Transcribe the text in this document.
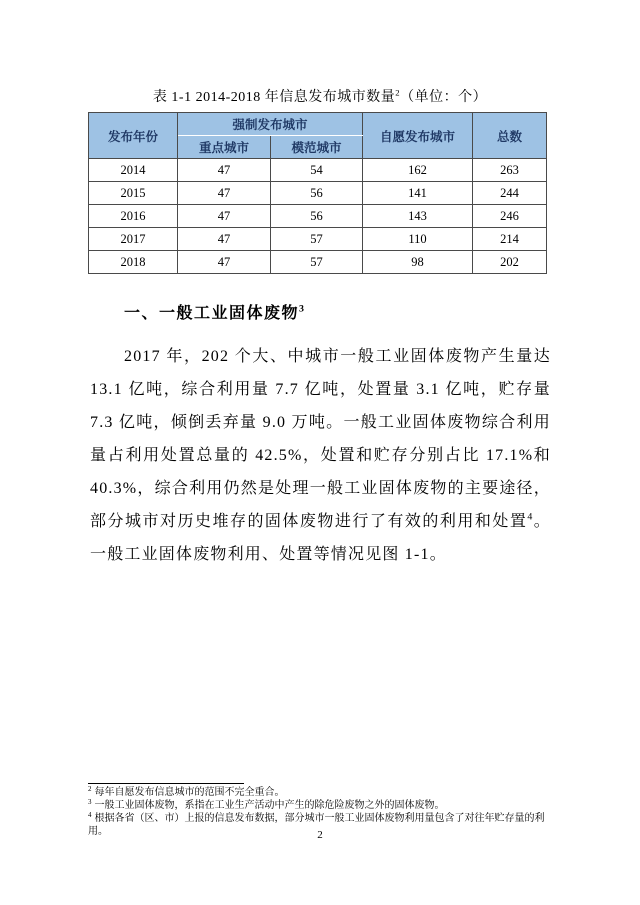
表 1-1 2014-2018 年信息发布城市数量$^2$（单位：个）
发布年份	强制发布城市		自愿发布城市	总数
	重点城市	模范城市		
2014	47	54	162	263
2015	47	56	141	244
2016	47	56	143	246
2017	47	57	110	214
2018	47	57	98	202
一、一般工业固体废物$^3$

2017 年，202 个大、中城市一般工业固体废物产生量达 13.1 亿吨，综合利用量 7.7 亿吨，处置量 3.1 亿吨，贮存量 7.3 亿吨，倾倒丢弃量 9.0 万吨。一般工业固体废物综合利用量占利用处置总量的 42.5%，处置和贮存分别占比 17.1%和 40.3%，综合利用仍然是处理一般工业固体废物的主要途径，部分城市对历史堆存的固体废物进行了有效的利用和处置$^4$。一般工业固体废物利用、处置等情况见图 1-1。

$^2$ 每年自愿发布信息城市的范围不完全重合。
$^3$ 一般工业固体废物，系指在工业生产活动中产生的除危险废物之外的固体废物。
$^4$ 根据各省（区、市）上报的信息发布数据，部分城市一般工业固体废物利用量包含了对往年贮存量的利用。	2
